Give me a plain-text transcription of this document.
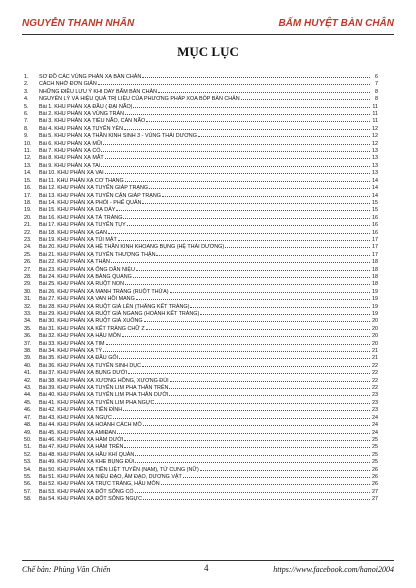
NGUYỄN THANH NHÃN	BẤM HUYỆT BÀN CHÂN
MỤC LỤC
1.	SƠ ĐỒ CÁC VÙNG PHẢN XẠ BÀN CHÂN	6
2.	CÁCH NHỚ ĐƠN GIẢN	7
3.	NHỮNG ĐIỀU LƯU Ý KHI DAY BẤM BÀN CHÂN	8
4.	NGUYÊN LÝ VÀ HIỆU QUẢ TRỊ LIỆU CỦA PHƯƠNG PHÁP XOA BÓP BÀN CHÂN	8
5.	Bài 1. KHU PHẢN XẠ ĐẦU ( ĐẠI NÃO)	11
6.	Bài 2. KHU PHẢN XẠ VÙNG TRÁN	11
7.	Bài 3. KHU PHẢN XẠ TIỂU NÃO, CÁN NÃO	11
8.	Bài 4. KHU PHẢN XẠ TUYẾN YÊN	12
9.	Bài 5. KHU PHẢN XẠ THẦN KINH SINH 3 - VÙNG THÁI DƯƠNG	12
10.	Bài 6. KHU PHẢN XẠ MŨI	12
11.	Bài 7. KHU PHẢN XẠ CỔ	13
12.	Bài 8. KHU PHẢN XẠ MẮT	13
13.	Bài 9. KHU PHẢN XẠ TAI	13
14.	Bài 10. KHU PHẢN XẠ VAI	13
15.	Bài 11. KHU PHẢN XẠ CƠ THANG	14
16.	Bài 12. KHU PHẢN XẠ TUYẾN GIÁP TRẠNG	14
17.	Bài 13. KHU PHẢN XẠ TUYẾN CẬN GIÁP TRẠNG	14
18.	Bài 14. KHU PHẢN XẠ PHỔI - PHẾ QUẢN	15
19.	Bài 15. KHU PHẢN XẠ DẠ DÀY	15
20.	Bài 16. KHU PHẢN XẠ TÁ TRÀNG	16
21.	Bài 17. KHU PHẢN XẠ TUYẾN TỤY	16
22.	Bài 18. KHU PHẢN XẠ GAN	16
23.	Bài 19. KHU PHẢN XẠ TÚI MẬT	17
24.	Bài 20. KHU PHẢN XẠ HỆ THẦN KINH KHOANG BỤNG (HỆ THÁI DƯƠNG)	17
25.	Bài 21. KHU PHẢN XẠ TUYẾN THƯỢNG THẬN	17
26.	Bài 22. KHU PHẢN XẠ THẬN	18
27.	Bài 23. KHU PHẢN XẠ ỐNG DẪN NIỆU	18
28.	Bài 24. KHU PHẢN XẠ BÀNG QUANG	18
29.	Bài 25. KHU PHẢN XẠ RUỘT NON	18
30.	Bài 26. KHU PHẢN XẠ MANH TRÀNG (RUỘT THỪA)	19
31.	Bài 27. KHU PHẢN XẠ VAN HỒI MANG	19
32.	Bài 28. KHU PHẢN XẠ RUỘT GIÀ LÊN (THĂNG KẾT TRÀNG)	19
33.	Bài 29. KHU PHẢN XẠ RUỘT GIÀ NGANG (HOÀNH KẾT TRÀNG)	19
34.	Bài 30. KHU PHẢN XẠ RUỘT GIÀ XUỐNG	20
35.	Bài 31. KHU PHẢN XẠ KẾT TRÀNG CHỮ Z	20
36.	Bài 32. KHU PHẢN XẠ HẬU MÔN	20
37.	Bài 33. KHU PHẢN XẠ TIM	20
38.	Bài 34. KHU PHẢN XẠ TỲ	21
39.	Bài 35. KHU PHẢN XẠ ĐẦU GỐI	21
40.	Bài 36. KHU PHẢN XẠ TUYẾN SINH DỤC	22
41.	Bài 37. KHU PHẢN XẠ BỤNG DƯỚI	22
42.	Bài 38. KHU PHẢN XẠ XƯƠNG HỒNG, XƯƠNG ĐÙI	22
43.	Bài 39. KHU PHẢN XẠ TUYẾN LIM PHA THÂN TRÊN	22
44.	Bài 40. KHU PHẢN XẠ TUYẾN LIM PHA THÂN DƯỚI	23
45.	Bài 41. KHU PHẢN XẠ TUYẾN LIM PHA NGỰC	23
46.	Bài 42. KHU PHẢN XẠ TIỀN ĐÌNH	23
47.	Bài 43. KHU PHẢN XẠ NGỰC	24
48.	Bài 44. KHU PHẢN XẠ HOÀNH CÁCH MÔ	24
49.	Bài 45. KHU PHẢN XẠ AMIĐAN	24
50.	Bài 46. KHU PHẢN XẠ HÀM DƯỚI	25
51.	Bài 47. KHU PHẢN XẠ HÀM TRÊN	25
52.	Bài 48. KHU PHẢN XẠ HẦU KHÍ QUẢN	25
53.	Bài 49. KHU PHẢN XẠ KHE BỤNG ĐÙI	25
54.	Bài 50. KHU PHẢN XẠ TIỀN LIỆT TUYẾN (NAM), TỬ CUNG (NỮ)	26
55.	Bài 51. KHU PHẢN XẠ NIỆU ĐẠO, ÂM ĐẠO, DƯƠNG VẬT	26
56.	Bài 52. KHU PHẢN XẠ TRỰC TRÀNG, HẬU MÔN	26
57.	Bài 53. KHU PHẢN XẠ ĐỐT SỐNG CỔ	27
58.	Bài 54. KHU PHẢN XẠ ĐỐT SỐNG NGỰC	27
Chế bản: Phùng Văn Chiến	4	https://www.facebook.com/hanoi2004
